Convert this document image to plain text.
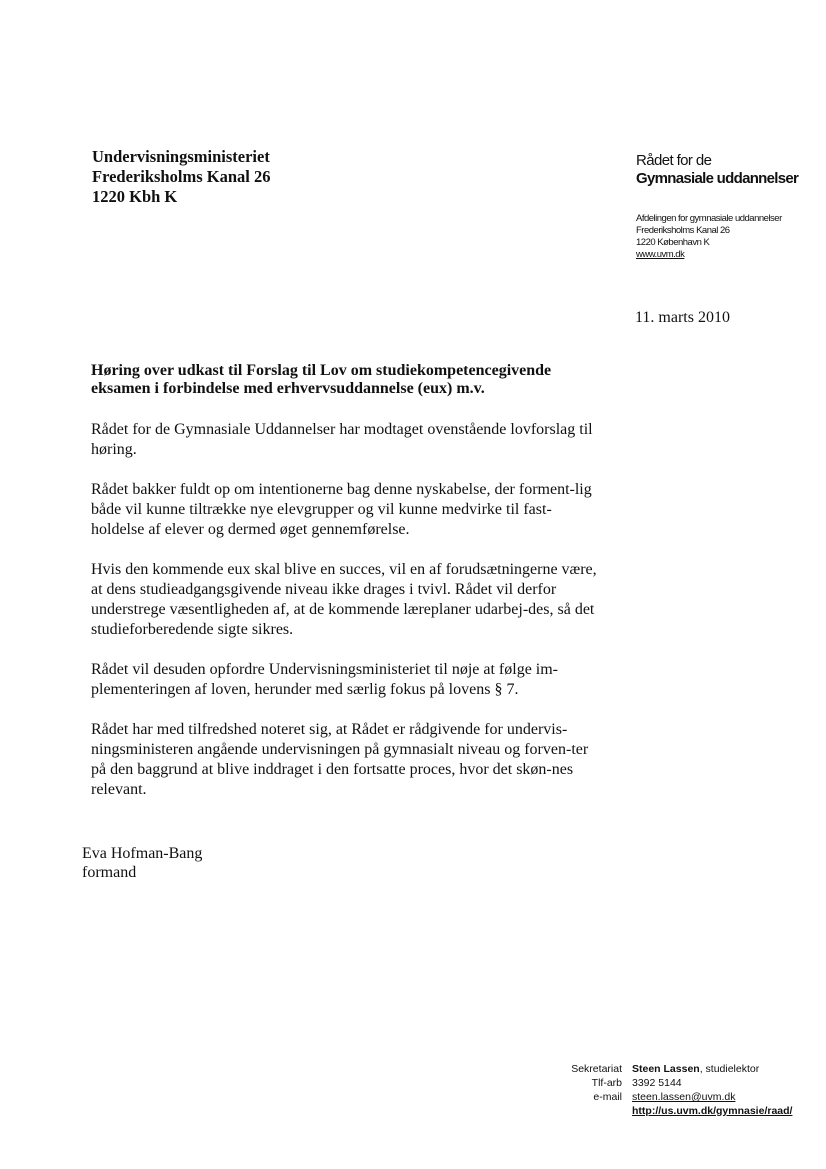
Undervisningsministeriet
Frederiksholms Kanal 26
1220 Kbh K
Rådet for de
Gymnasiale uddannelser
Afdelingen for gymnasiale uddannelser
Frederiksholms Kanal 26
1220 København K
www.uvm.dk
11. marts 2010
Høring over udkast til Forslag til Lov om studiekompetencegivende eksamen i forbindelse med erhvervsuddannelse (eux) m.v.

Rådet for de Gymnasiale Uddannelser har modtaget ovenstående lovforslag til høring.

Rådet bakker fuldt op om intentionerne bag denne nyskabelse, der forment-lig både vil kunne tiltrække nye elevgrupper og vil kunne medvirke til fast-holdelse af elever og dermed øget gennemførelse.

Hvis den kommende eux skal blive en succes, vil en af forudsætningerne være, at dens studieadgangsgivende niveau ikke drages i tvivl. Rådet vil derfor understrege væsentligheden af, at de kommende læreplaner udarbej-des, så det studieforberedende sigte sikres.

Rådet vil desuden opfordre Undervisningsministeriet til nøje at følge im-plementeringen af loven, herunder med særlig fokus på lovens § 7.

Rådet har med tilfredshed noteret sig, at Rådet er rådgivende for undervis-ningsministeren angående undervisningen på gymnasialt niveau og forven-ter på den baggrund at blive inddraget i den fortsatte proces, hvor det skøn-nes relevant.

Eva Hofman-Bang
formand
Sekretariat Steen Lassen, studielektor
Tlf-arb 3392 5144
e-mail steen.lassen@uvm.dk
http://us.uvm.dk/gymnasie/raad/
